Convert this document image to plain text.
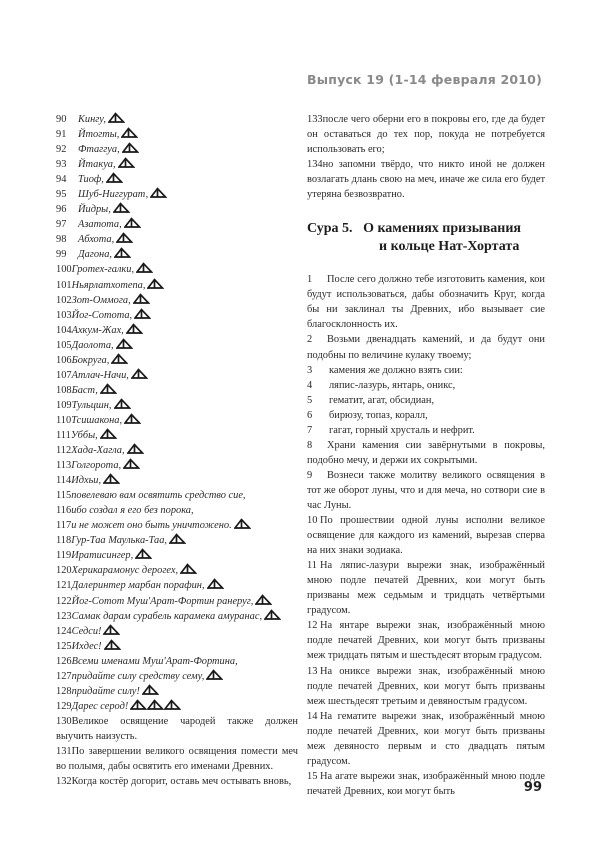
Выпуск 19 (1-14 февраля 2010)
90 Кингу,
91 Йтогты,
92 Фтаггуа,
93 Йтакуа,
94 Тиоф,
95 Шуб-Ниггурат,
96 Йидры,
97 Азатота,
98 Абхота,
99 Дагона,
100Гротех-галки,
101Ньярлатхотепа,
102Зот-Оммога,
103Йог-Сотота,
104Ахкум-Жах,
105Даолота,
106Бокруга,
107Атлач-Начи,
108Баст,
109Тульцшн,
110Тсишакона,
111Уббы,
112Хада-Хагла,
113Голгорота,
114Идхьи,
115повелеваю вам освятить средство сие,
116ибо создал я его без порока,
117и не может оно быть уничтожено.
118Гур-Таа Маулька-Таа,
119Иратисингер,
120Херикарамонус дерогех,
121Далеринтер марбан порафин,
122Йог-Сотот Муш'Арат-Фортин ранеруг,
123Самак дарам сурабель карамека амуранас,
124Седси!
125Ихдес!
126Всеми именами Муш'Арат-Фортина,
127придайте силу средству сему,
128придайте силу!
129Дарес серод!
130Великое освящение чародей также должен выучить наизусть.
131По завершении великого освящения помести меч во полымя, дабы освятить его именами Древних.
132Когда костёр догорит, оставь меч остывать вновь,
133после чего оберни его в покровы его, где да будет он оставаться до тех пор, покуда не потребуется использовать его;
134но запомни твёрдо, что никто иной не должен возлагать длань свою на меч, иначе же сила его будет утеряна безвозвратно.
Сура 5. О камениях призывания
и кольце Нат-Хортата
1 После сего должно тебе изготовить камения, кои будут использоваться, дабы обозначить Круг, когда бы ни заклинал ты Древних, ибо вызывает сие благосклонность их.
2 Возьми двенадцать камений, и да будут они подобны по величине кулаку твоему;
3 камения же должно взять сии:
4 ляпис-лазурь, янтарь, оникс,
5 гематит, агат, обсидиан,
6 бирюзу, топаз, коралл,
7 гагат, горный хрусталь и нефрит.
8 Храни камения сии завёрнутыми в покровы, подобно мечу, и держи их сокрытыми.
9 Вознеси также молитву великого освящения в тот же оборот луны, что и для меча, но сотвори сие в час Луны.
10 По прошествии одной луны исполни великое освящение для каждого из камений, вырезав сперва на них знаки зодиака.
11 На ляпис-лазури вырежи знак, изображённый мною подле печатей Древних, кои могут быть призваны меж седьмым и тридцать четвёртыми градусом.
12 На янтаре вырежи знак, изображённый мною подле печатей Древних, кои могут быть призваны меж тридцать пятым и шестьдесят вторым градусом.
13 На ониксе вырежи знак, изображённый мною подле печатей Древних, кои могут быть призваны меж шестьдесят третьим и девяностым градусом.
14 На гематите вырежи знак, изображённый мною подле печатей Древних, кои могут быть призваны меж девяносто первым и сто двадцать пятым градусом.
15 На агате вырежи знак, изображённый мною подле печатей Древних, кои могут быть	99
